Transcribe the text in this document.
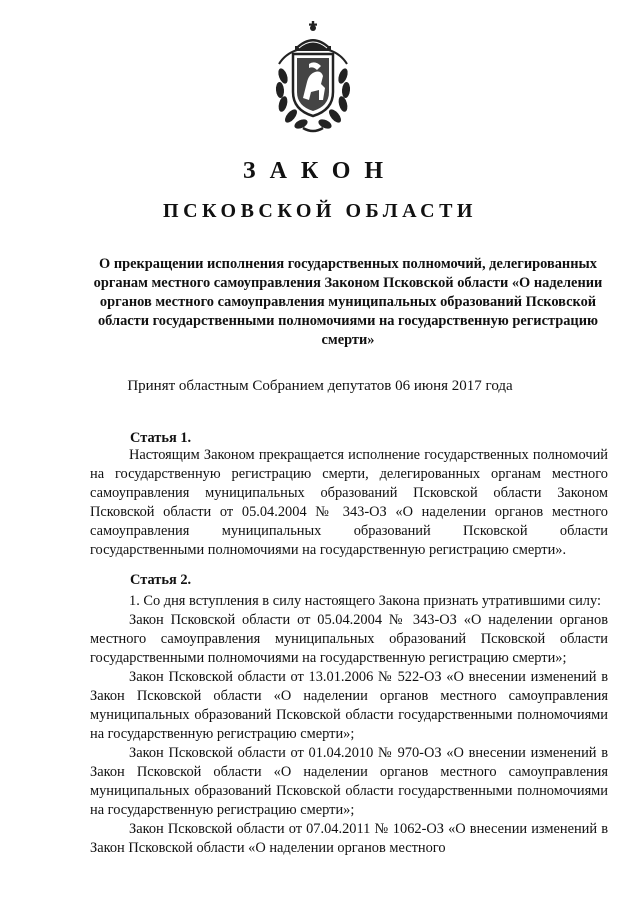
ЗАКОН
ПСКОВСКОЙ ОБЛАСТИ
О прекращении исполнения государственных полномочий, делегированных органам местного самоуправления Законом Псковской области «О наделении органов местного самоуправления муниципальных образований Псковской области государственными полномочиями на государственную регистрацию смерти»
Принят областным Собранием депутатов 06 июня 2017 года
Статья 1.

Настоящим Законом прекращается исполнение государственных полномочий на государственную регистрацию смерти, делегированных органам местного самоуправления муниципальных образований Псковской области Законом Псковской области от 05.04.2004 № 343-ОЗ «О наделении органов местного самоуправления муниципальных образований Псковской области государственными полномочиями на государственную регистрацию смерти».

Статья 2.

1. Со дня вступления в силу настоящего Закона признать утратившими силу:

Закон Псковской области от 05.04.2004 № 343-ОЗ «О наделении органов местного самоуправления муниципальных образований Псковской области государственными полномочиями на государственную регистрацию смерти»;

Закон Псковской области от 13.01.2006 № 522-ОЗ «О внесении изменений в Закон Псковской области «О наделении органов местного самоуправления муниципальных образований Псковской области государственными полномочиями на государственную регистрацию смерти»;

Закон Псковской области от 01.04.2010 № 970-ОЗ «О внесении изменений в Закон Псковской области «О наделении органов местного самоуправления муниципальных образований Псковской области государственными полномочиями на государственную регистрацию смерти»;

Закон Псковской области от 07.04.2011 № 1062-ОЗ «О внесении изменений в Закон Псковской области «О наделении органов местного
